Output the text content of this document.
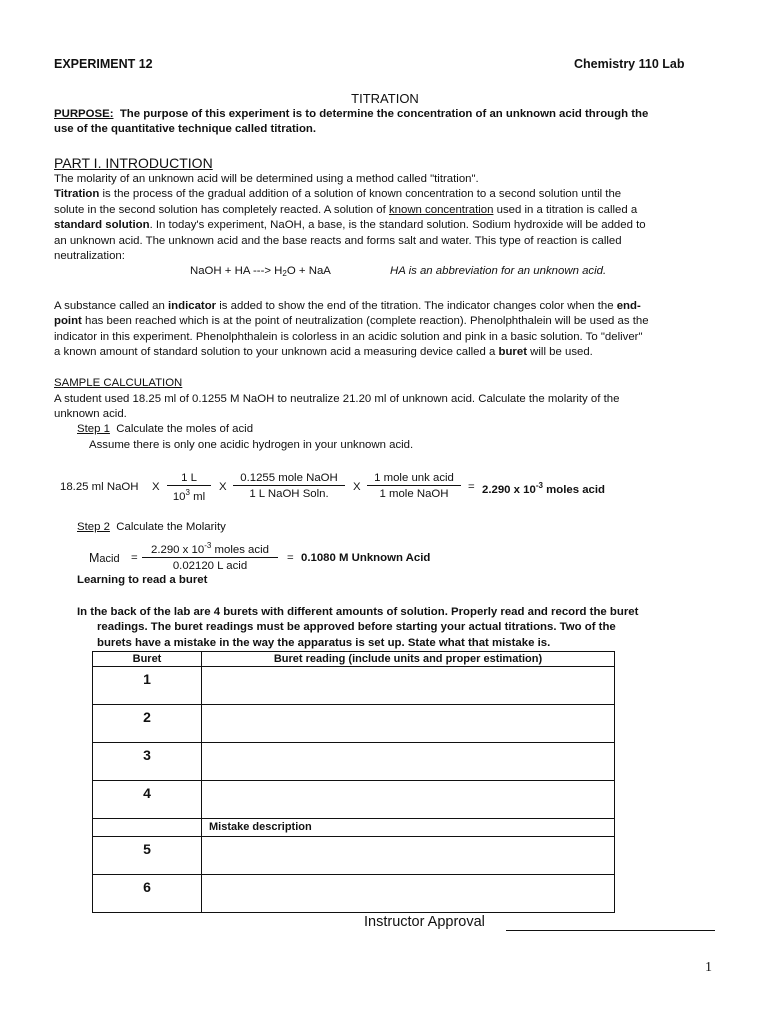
EXPERIMENT 12	Chemistry 110 Lab
TITRATION
PURPOSE: The purpose of this experiment is to determine the concentration of an unknown acid through the
use of the quantitative technique called titration.
PART I. INTRODUCTION
The molarity of an unknown acid will be determined using a method called "titration".
Titration is the process of the gradual addition of a solution of known concentration to a second solution until the
solute in the second solution has completely reacted. A solution of known concentration used in a titration is called a
standard solution. In today's experiment, NaOH, a base, is the standard solution. Sodium hydroxide will be added to
an unknown acid. The unknown acid and the base reacts and forms salt and water. This type of reaction is called
neutralization:
NaOH + HA ---> $H_2O$ + NaA	HA is an abbreviation for an unknown acid.
A substance called an indicator is added to show the end of the titration. The indicator changes color when the end-
point has been reached which is at the point of neutralization (complete reaction). Phenolphthalein will be used as the
indicator in this experiment. Phenolphthalein is colorless in an acidic solution and pink in a basic solution. To "deliver"
a known amount of standard solution to your unknown acid a measuring device called a buret will be used.
SAMPLE CALCULATION
A student used 18.25 ml of 0.1255 M NaOH to neutralize 21.20 ml of unknown acid. Calculate the molarity of the
unknown acid.
Step 1 Calculate the moles of acid
Assume there is only one acidic hydrogen in your unknown acid.
18.25 ml NaOH X $\frac{1 L}{10^3 ml}$ X
0.1255 mole NaOH
1 L NaOH Soln.
X
1 mole unk acid
1 mole NaOH
= 2.290 x $10^{-3}$ moles acid
Step 2 Calculate the Molarity
Macid =
2.290 x $10^{-3}$ moles acid
0.02120 L acid
= 0.1080 M Unknown Acid
Learning to read a buret
In the back of the lab are 4 burets with different amounts of solution. Properly read and record the buret
readings. The buret readings must be approved before starting your actual titrations. Two of the
burets have a mistake in the way the apparatus is set up. State what that mistake is.
Buret	Buret reading (include units and proper estimation)
1	
2	
3	
4	
	Mistake description
5	
6	
Instructor Approval
1
